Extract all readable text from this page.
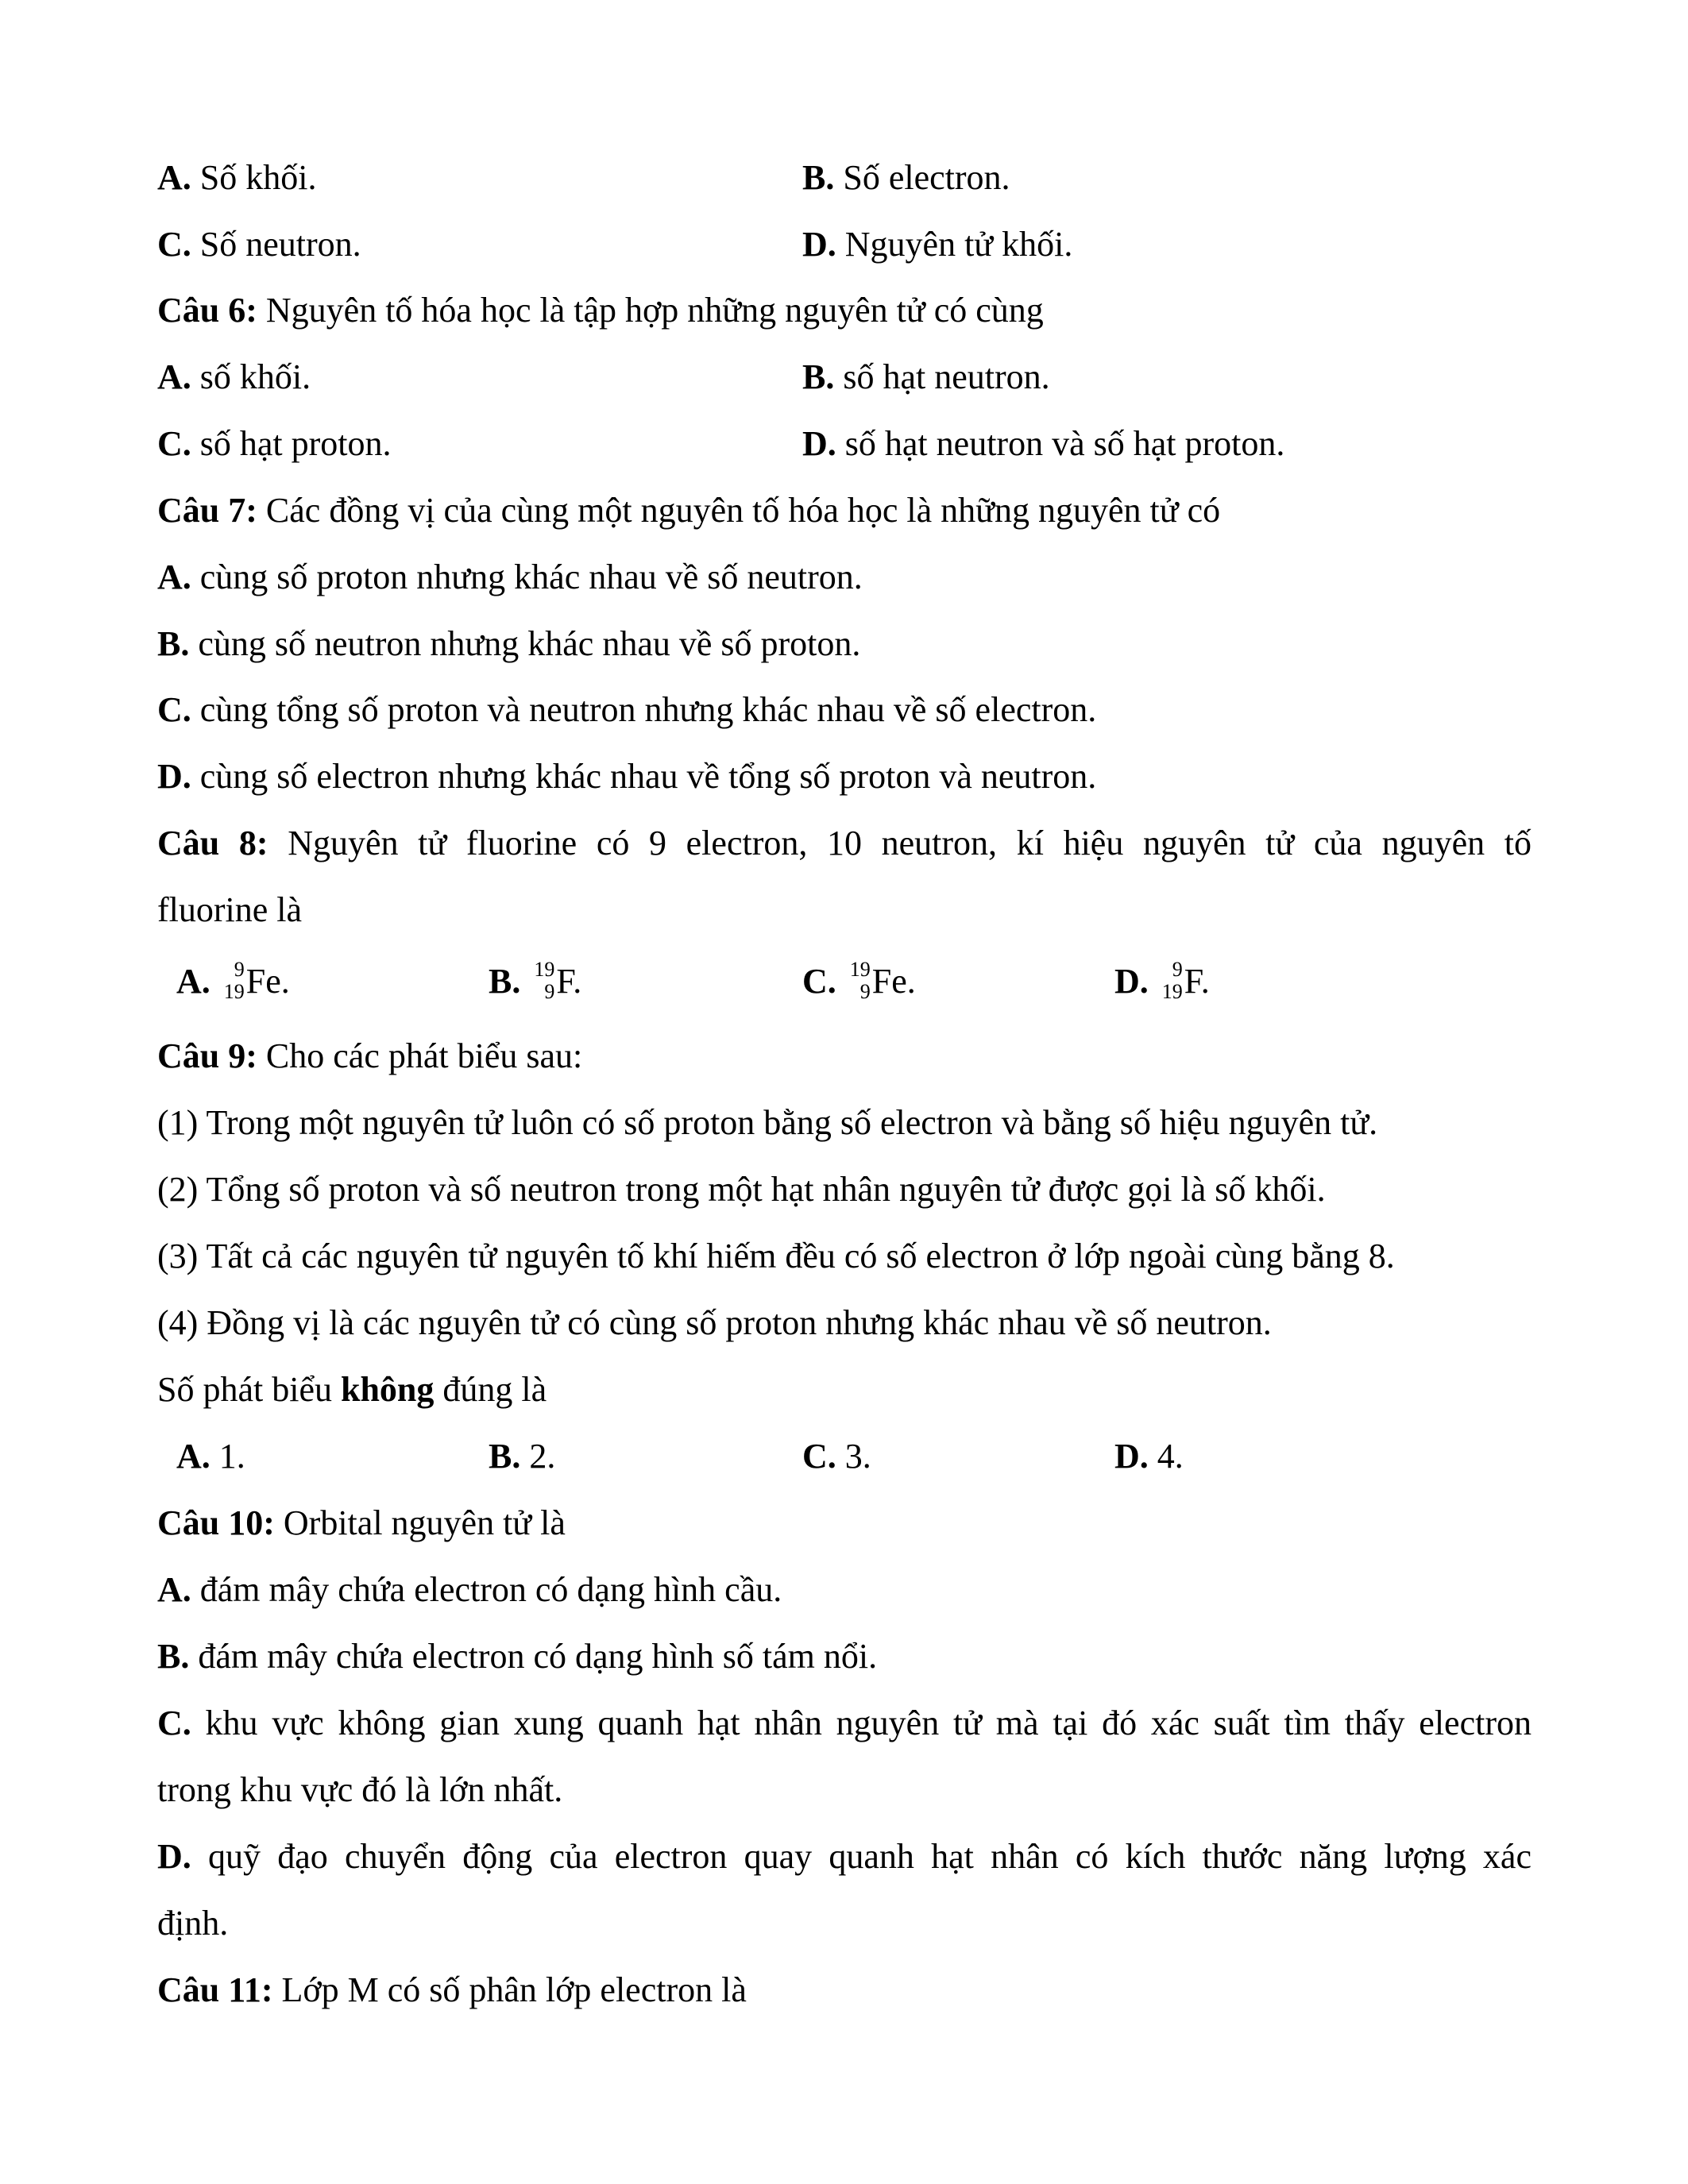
A. Số khối.	B. Số electron.
C. Số neutron.	D. Nguyên tử khối.
Câu 6: Nguyên tố hóa học là tập hợp những nguyên tử có cùng
A. số khối.	B. số hạt neutron.
C. số hạt proton.	D. số hạt neutron và số hạt proton.
Câu 7: Các đồng vị của cùng một nguyên tố hóa học là những nguyên tử có
A. cùng số proton nhưng khác nhau về số neutron.
B. cùng số neutron nhưng khác nhau về số proton.
C. cùng tổng số proton và neutron nhưng khác nhau về số electron.
D. cùng số electron nhưng khác nhau về tổng số proton và neutron.
Câu 8: Nguyên tử fluorine có 9 electron, 10 neutron, kí hiệu nguyên tử của nguyên tố
fluorine là
A. 9
19 Fe.	B. 19
9 F.	C. 19
9 Fe.	D. 9
19 F.
Câu 9: Cho các phát biểu sau:
(1) Trong một nguyên tử luôn có số proton bằng số electron và bằng số hiệu nguyên tử.
(2) Tổng số proton và số neutron trong một hạt nhân nguyên tử được gọi là số khối.
(3) Tất cả các nguyên tử nguyên tố khí hiếm đều có số electron ở lớp ngoài cùng bằng 8.
(4) Đồng vị là các nguyên tử có cùng số proton nhưng khác nhau về số neutron.
Số phát biểu không đúng là
A. 1.	B. 2.	C. 3.	D. 4.
Câu 10: Orbital nguyên tử là
A. đám mây chứa electron có dạng hình cầu.
B. đám mây chứa electron có dạng hình số tám nổi.
C. khu vực không gian xung quanh hạt nhân nguyên tử mà tại đó xác suất tìm thấy electron
trong khu vực đó là lớn nhất.
D. quỹ đạo chuyển động của electron quay quanh hạt nhân có kích thước năng lượng xác
định.
Câu 11: Lớp M có số phân lớp electron là
